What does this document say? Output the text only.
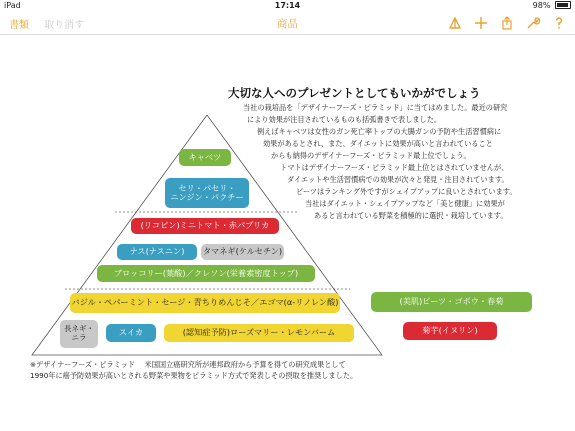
iPad	17:14	98%
書類 取り消す	商品
キャベツ
セリ・パセリ・
ニンジン・パクチー
(リコピン)ミニトマト・赤パプリカ
ナス(ナスニン)	タマネギ(ケルセチン)
ブロッコリー(葉酸)／クレソン(栄養素密度トップ)
バジル・ペパーミント・セージ・青ちりめんじそ／エゴマ(α-リノレン酸)
長ネギ・
ニラ
スイカ	(認知症予防)ローズマリー・レモンバーム
(美肌)ビーツ・ゴボウ・春菊
菊芋(イヌリン)
大切な人へのプレゼントとしてもいかがでしょう
当社の栽培品を「デザイナーフーズ・ピラミッド」に当てはめました。最近の研究
により効果が注目されているものも括弧書きで表しました。
例えばキャベツは女性のガン死亡率トップの大腸ガンの予防や生活習慣病に
効果があるとされ、また、ダイエットに効果が高いと言われていること
からも納得のデザイナーフーズ・ピラミッド最上位でしょう。
トマトはデザイナーフーズ・ピラミッド最上位とはされていませんが、
ダイエットや生活習慣病での効果が次々と発見・注目されています。
ビーツはランキング外ですがシェイプアップに良いとされています。
当社はダイエット・シェイプアップなど「美と健康」に効果が
あると言われている野菜を積極的に選択・栽培しています。
※デザイナーフーズ・ピラミッド　 米国国立癌研究所が連邦政府から予算を得ての研究成果として
1990年に癌予防効果が高いとされる野菜や果物をピラミッド方式で発表しその摂取を推奨しました。
